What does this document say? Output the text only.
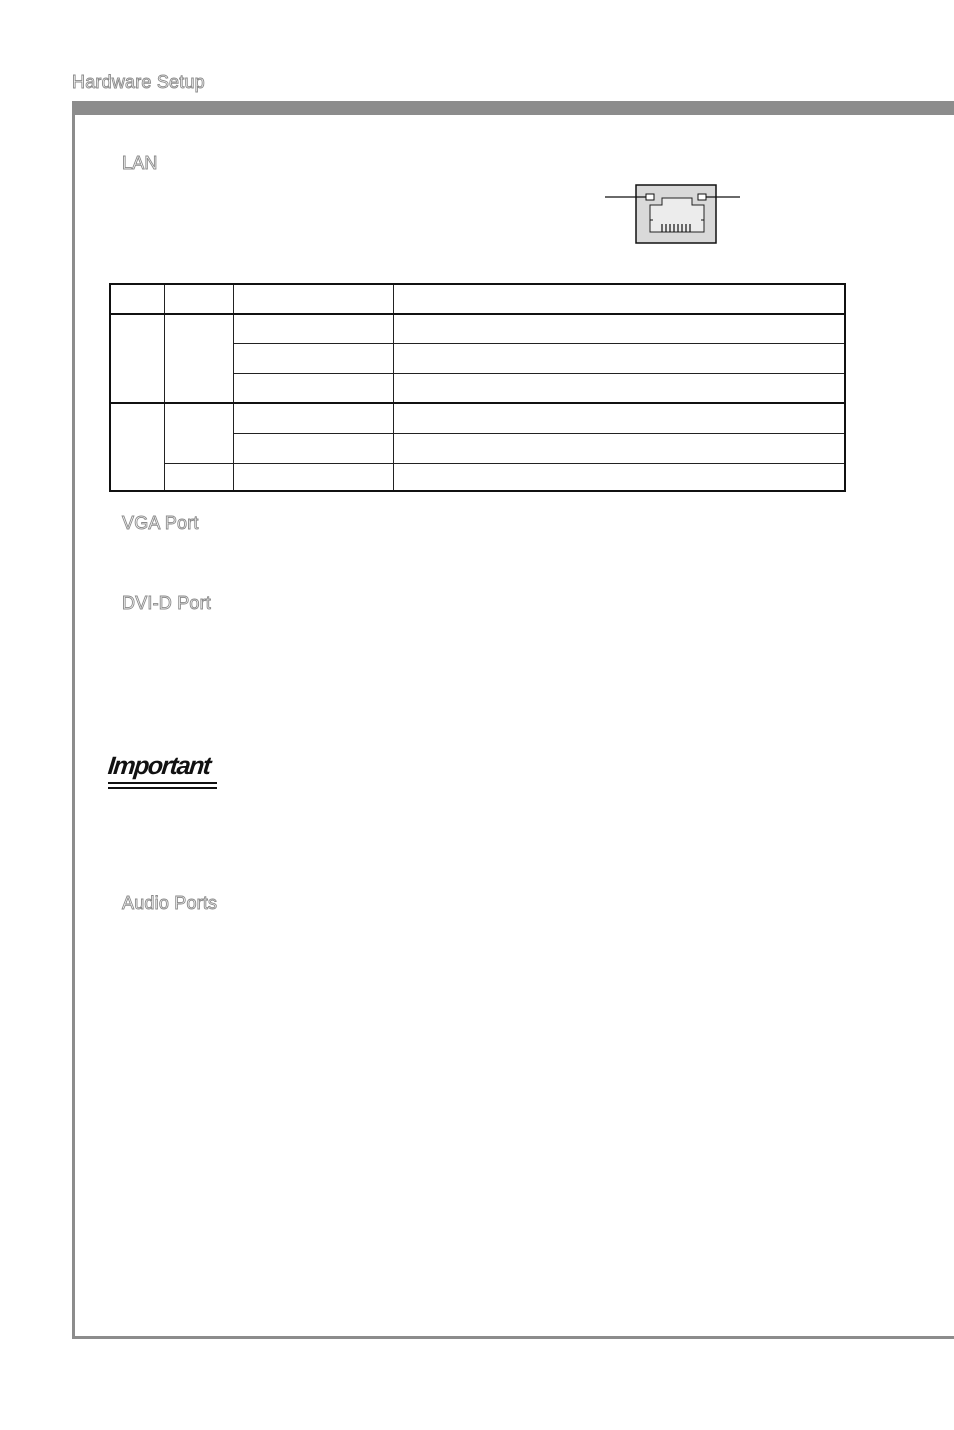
Hardware Setup
LAN

VGA Port
DVI-D Port
Important
Audio Ports
